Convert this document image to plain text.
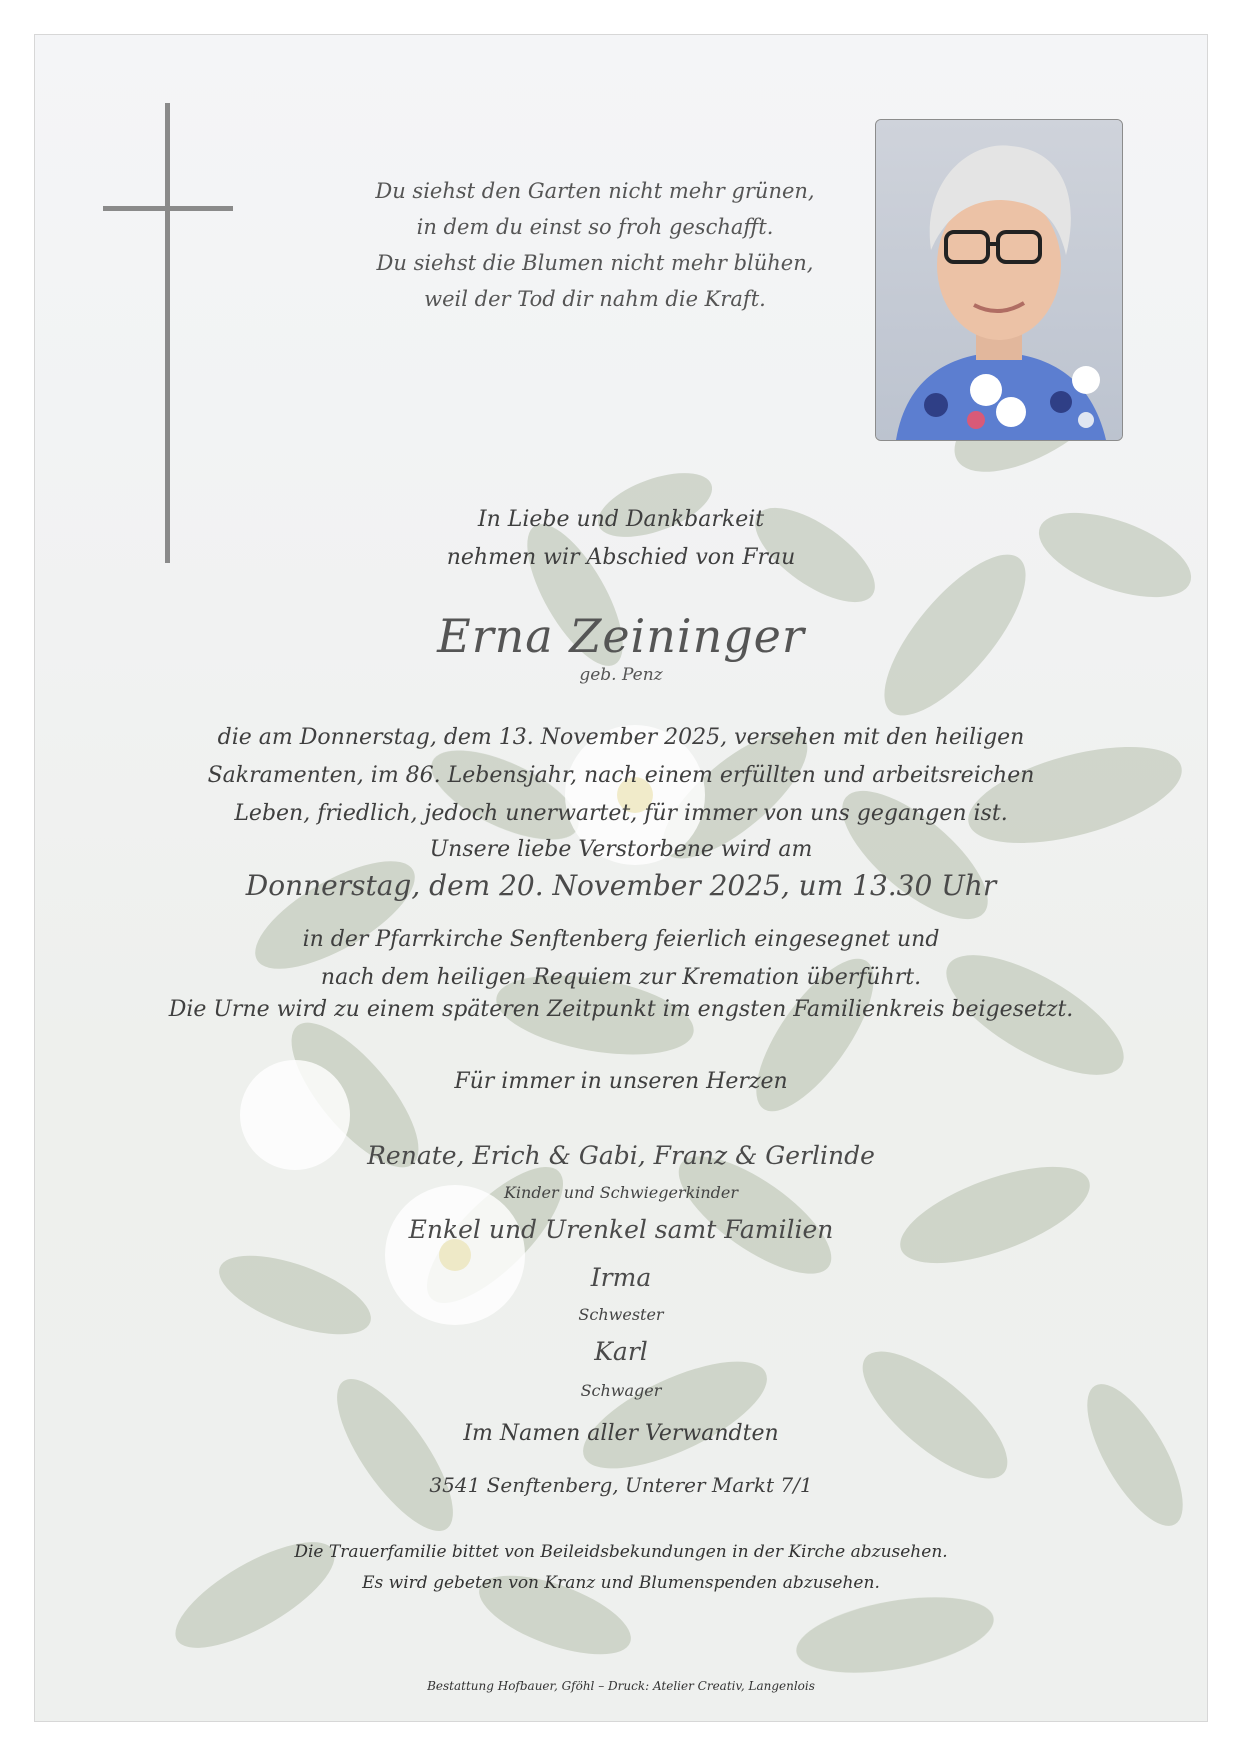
Du siehst den Garten nicht mehr grünen,
in dem du einst so froh geschafft.
Du siehst die Blumen nicht mehr blühen,
weil der Tod dir nahm die Kraft.
In Liebe und Dankbarkeit
nehmen wir Abschied von Frau
Erna Zeininger
geb. Penz
die am Donnerstag, dem 13. November 2025, versehen mit den heiligen
Sakramenten, im 86. Lebensjahr, nach einem erfüllten und arbeitsreichen
Leben, friedlich, jedoch unerwartet, für immer von uns gegangen ist.
Unsere liebe Verstorbene wird am
Donnerstag, dem 20. November 2025, um 13.30 Uhr
in der Pfarrkirche Senftenberg feierlich eingesegnet und
nach dem heiligen Requiem zur Kremation überführt.
Die Urne wird zu einem späteren Zeitpunkt im engsten Familienkreis beigesetzt.
Für immer in unseren Herzen
Renate, Erich & Gabi, Franz & Gerlinde
Kinder und Schwiegerkinder
Enkel und Urenkel samt Familien
Irma
Schwester
Karl
Schwager
Im Namen aller Verwandten
3541 Senftenberg, Unterer Markt 7/1
Die Trauerfamilie bittet von Beileidsbekundungen in der Kirche abzusehen.
Es wird gebeten von Kranz und Blumenspenden abzusehen.
Bestattung Hofbauer, Gföhl – Druck: Atelier Creativ, Langenlois
